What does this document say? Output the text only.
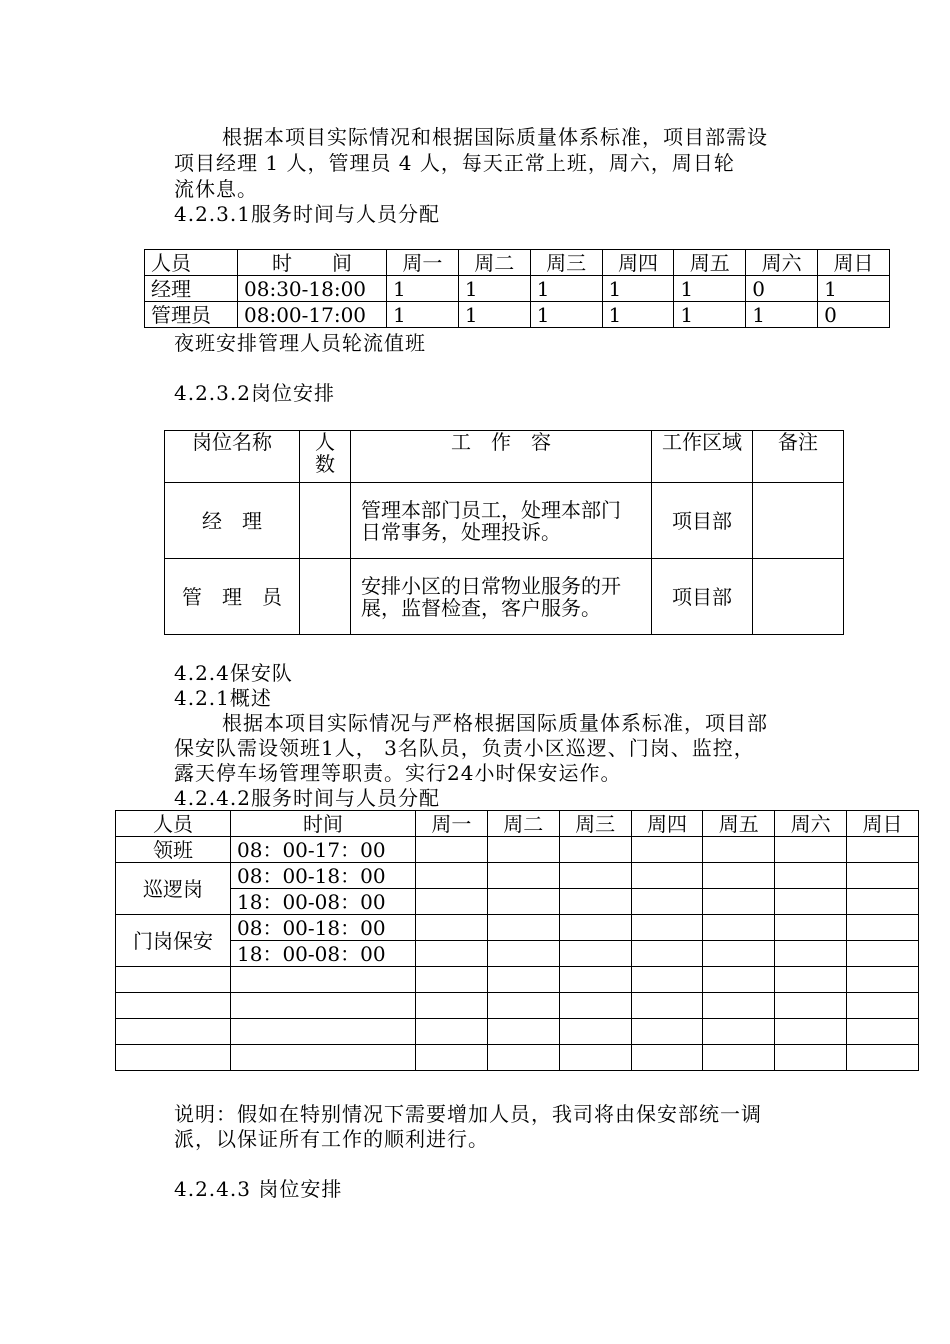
根据本项目实际情况和根据国际质量体系标准，项目部需设
项目经理 1 人，管理员 4 人，每天正常上班，周六，周日轮
流休息。
4.2.3.1服务时间与人员分配
人员	时　　间	周一	周二	周三	周四	周五	周六	周日
经理	08:30-18:00	1	1	1	1	1	0	1
管理员	08:00-17:00	1	1	1	1	1	1	0
夜班安排管理人员轮流值班
4.2.3.2岗位安排
岗位名称	人数	工　作　容	工作区域	备注
经　理		管理本部门员工，处理本部门日常事务，处理投诉。	项目部	
管　理　员		安排小区的日常物业服务的开展，监督检查，客户服务。	项目部	
4.2.4保安队
4.2.1概述
根据本项目实际情况与严格根据国际质量体系标准，项目部
保安队需设领班1人， 3名队员，负责小区巡逻、门岗、监控，
露天停车场管理等职责。实行24小时保安运作。
4.2.4.2服务时间与人员分配
人员	时间	周一	周二	周三	周四	周五	周六	周日
领班	08：00-17：00							
巡逻岗	08：00-18：00							
	18：00-08：00							
门岗保安	08：00-18：00							
	18：00-08：00							

说明：假如在特别情况下需要增加人员，我司将由保安部统一调
派，以保证所有工作的顺利进行。
4.2.4.3 岗位安排
